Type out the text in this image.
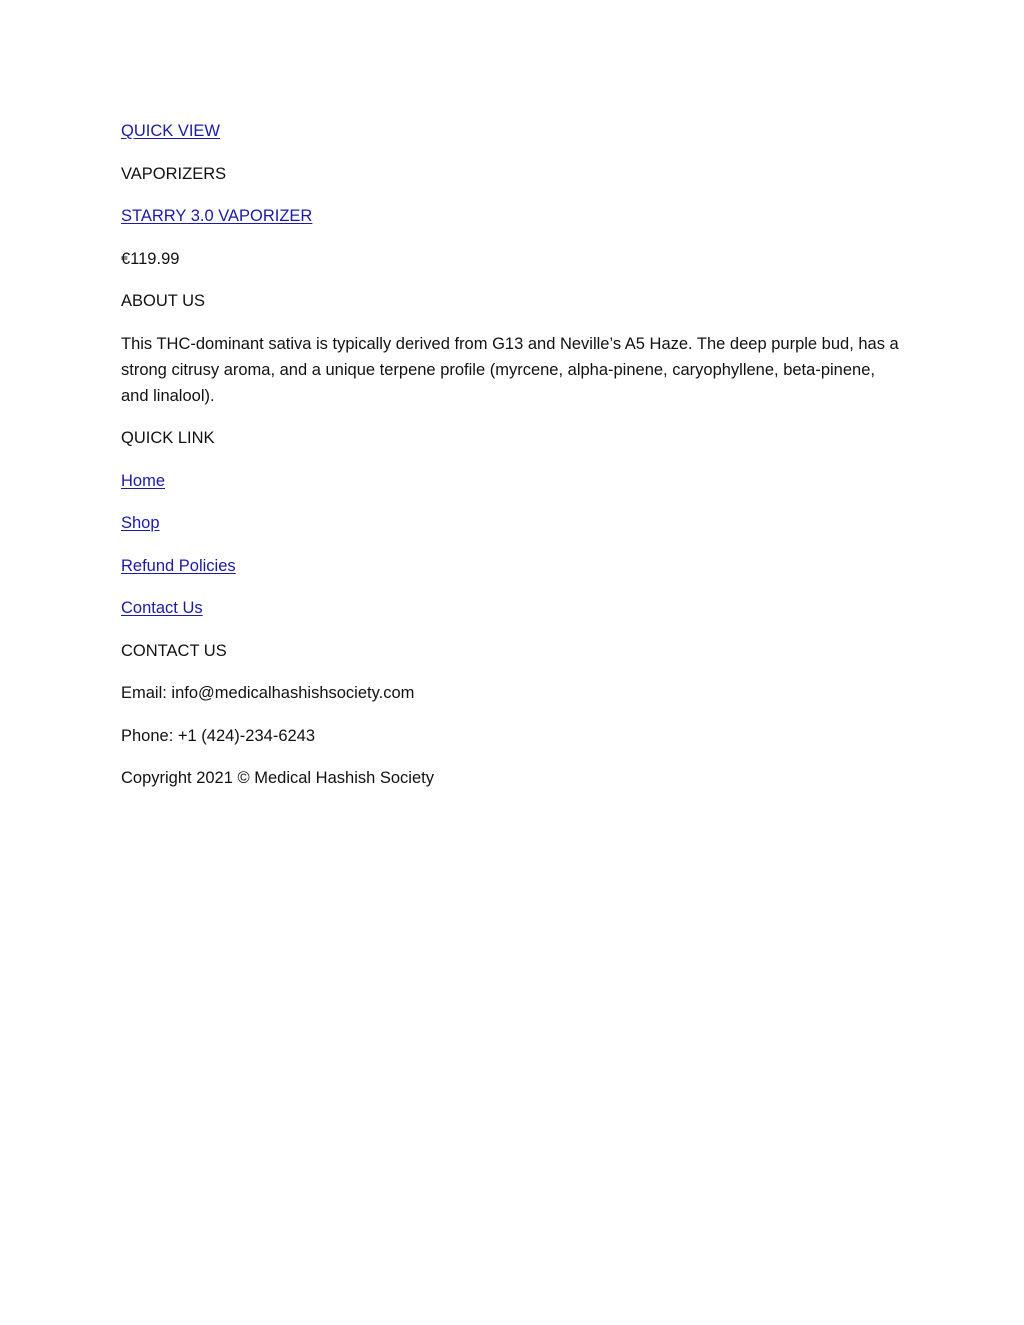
QUICK VIEW
VAPORIZERS
STARRY 3.0 VAPORIZER
€119.99
ABOUT US

This THC-dominant sativa is typically derived from G13 and Neville’s A5 Haze. The deep purple bud, has a strong citrusy aroma, and a unique terpene profile (myrcene, alpha-pinene, caryophyllene, beta-pinene, and linalool).

QUICK LINK
Home
Shop
Refund Policies
Contact Us
CONTACT US
Email: info@medicalhashishsociety.com
Phone: +1 (424)-234-6243
Copyright 2021 © Medical Hashish Society
